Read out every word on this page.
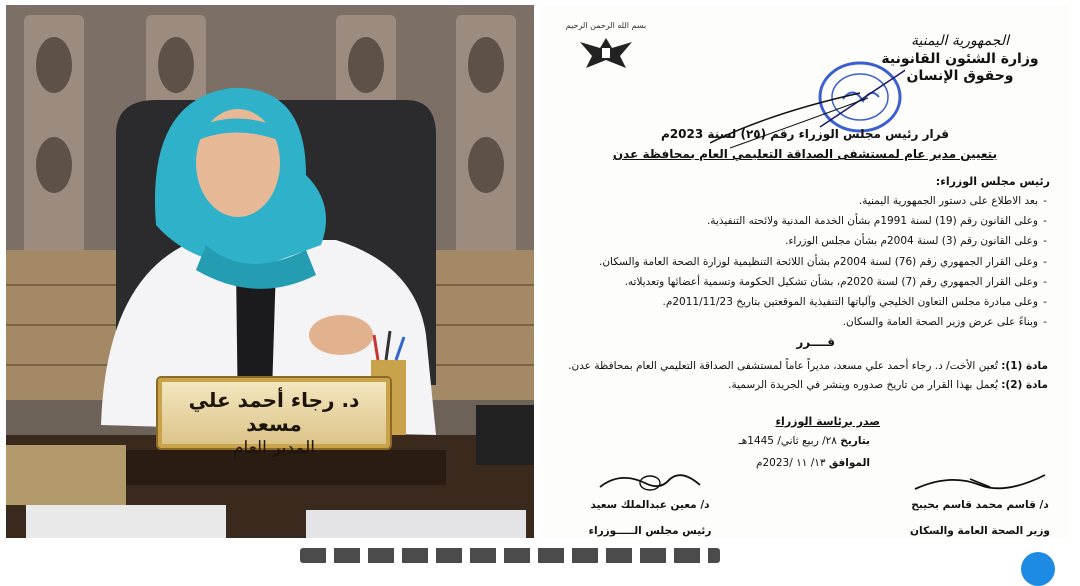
د. رجاء أحمد علي مسعد
المدير العام
الجمهورية اليمنية
وزارة الشئون القانونية
وحقوق الإنسان
بسم الله الرحمن الرحيم
قرار رئيس مجلس الوزراء رقم (٢٥) لسنة 2023م
بتعيين مدير عام لمستشفى الصداقة التعليمي العام بمحافظة عدن
رئيس مجلس الوزراء:
- بعد الاطلاع على دستور الجمهورية اليمنية.
- وعلى القانون رقم (19) لسنة 1991م بشأن الخدمة المدنية ولائحته التنفيذية.
- وعلى القانون رقم (3) لسنة 2004م بشأن مجلس الوزراء.
- وعلى القرار الجمهوري رقم (76) لسنة 2004م بشأن اللائحة التنظيمية لوزارة الصحة العامة والسكان.
- وعلى القرار الجمهوري رقم (7) لسنة 2020م، بشأن تشكيل الحكومة وتسمية أعضائها وتعديلاته.
- وعلى مبادرة مجلس التعاون الخليجي وآلياتها التنفيذية الموقعتين بتاريخ 2011/11/23م.
- وبناءً على عرض وزير الصحة العامة والسكان.
قــــرر
مادة (1): تُعين الأخت/ د. رجاء أحمد علي مسعد، مديراً عاماً لمستشفى الصداقة التعليمي العام بمحافظة عدن.
مادة (2): يُعمل بهذا القرار من تاريخ صدوره وينشر في الجريدة الرسمية.
صدر برئاسة الوزراء
بتاريخ ٢٨/ ربيع ثاني/ 1445هـ
الموافق ١٣/ ١١ /2023م
د/ قاسم محمد قاسم بحيبح
وزير الصحة العامة والسكان
د/ معين عبدالملك سعيد
رئيس مجلس الـــــوزراء
